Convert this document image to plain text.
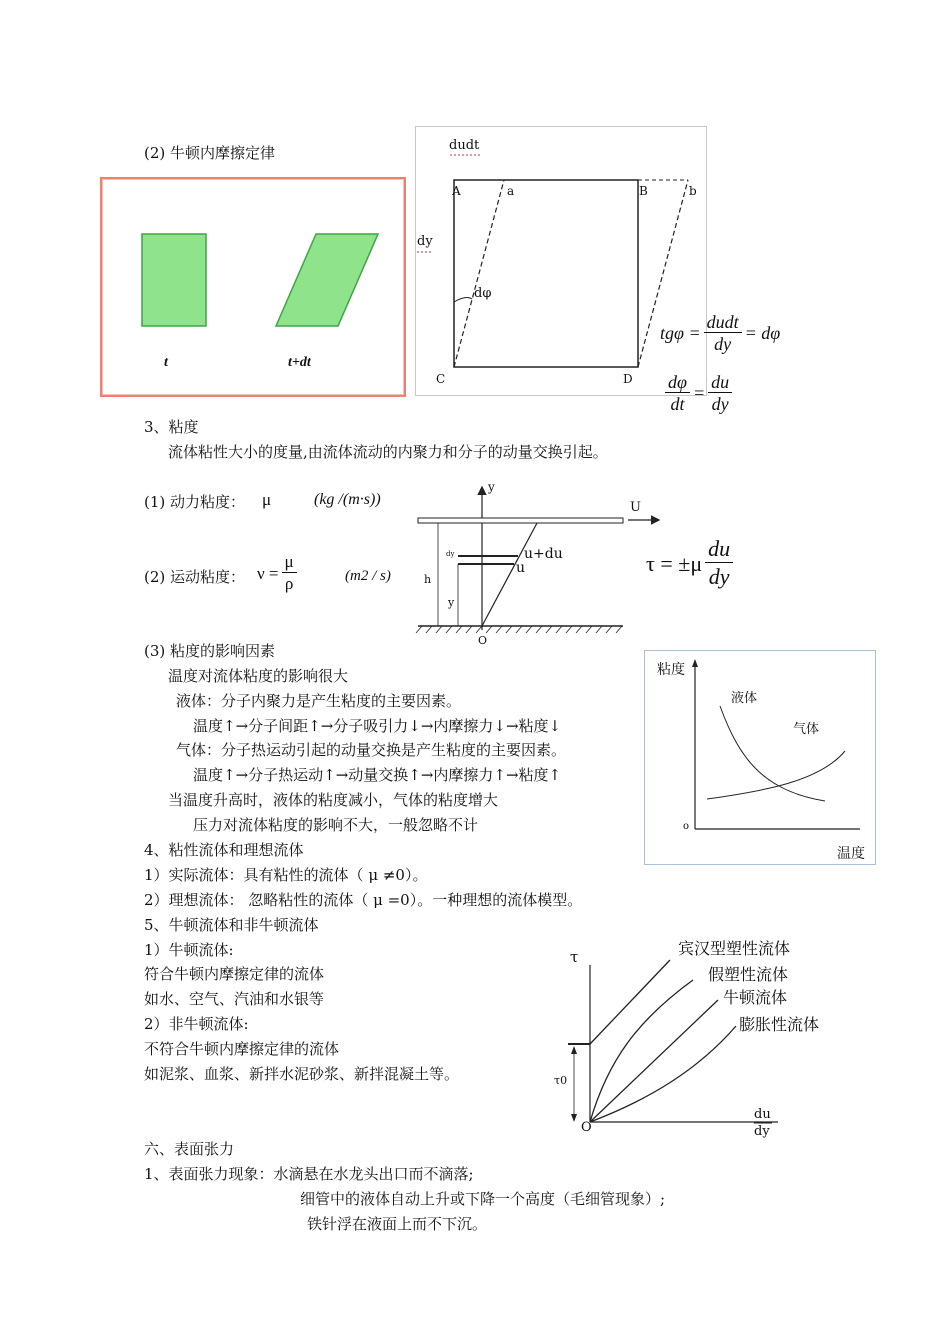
(2) 牛顿内摩擦定律
t	t+dt
dudt
dy
dφ
A	a	B	b
C	D
$tg\varphi = \frac{\text{dudt}}{dy} = d\varphi$
$\frac{d\varphi}{dt} = \frac{du}{dy}$
3、粘度
流体粘性大小的度量,由流体流动的内聚力和分子的动量交换引起。
(1) 动力粘度： μ	(kg /(m·s))
(2) 运动粘度： $\nu = \frac{\mu}{\rho}$	(m2 / s)
y
U
dy	u+du
u
h
y
O
$\tau = \pm\mu \frac{du}{dy}$
(3) 粘度的影响因素
温度对流体粘度的影响很大
液体：分子内聚力是产生粘度的主要因素。
温度↑→分子间距↑→分子吸引力↓→内摩擦力↓→粘度↓
气体：分子热运动引起的动量交换是产生粘度的主要因素。
温度↑→分子热运动↑→动量交换↑→内摩擦力↑→粘度↑
当温度升高时，液体的粘度减小，气体的粘度增大
压力对流体粘度的影响不大，一般忽略不计
粘度
温度
o
液体
气体
4、粘性流体和理想流体
1）实际流体：具有粘性的流体（ μ ≠0）。
2）理想流体： 忽略粘性的流体（ μ =0）。一种理想的流体模型。
5、牛顿流体和非牛顿流体
1）牛顿流体:
符合牛顿内摩擦定律的流体
如水、空气、汽油和水银等
2）非牛顿流体:
不符合牛顿内摩擦定律的流体
如泥浆、血浆、新拌水泥砂浆、新拌混凝土等。
τ
τ0
O
du
dy
宾汉型塑性流体
假塑性流体
牛顿流体
膨胀性流体
六、表面张力
1、表面张力现象：水滴悬在水龙头出口而不滴落;
细管中的液体自动上升或下降一个高度（毛细管现象）;
铁针浮在液面上而不下沉。
